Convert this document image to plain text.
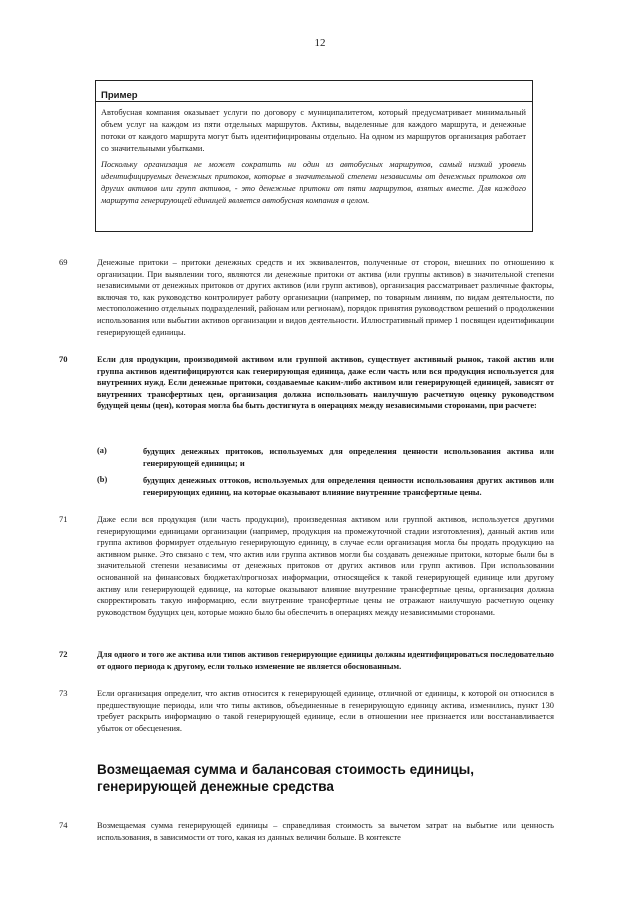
12
Пример

Автобусная компания оказывает услуги по договору с муниципалитетом, который предусматривает минимальный объем услуг на каждом из пяти отдельных маршрутов. Активы, выделенные для каждого маршрута, и денежные потоки от каждого маршрута могут быть идентифицированы отдельно. На одном из маршрутов организация работает со значительными убытками.

Поскольку организация не может сократить ни один из автобусных маршрутов, самый низкий уровень идентифицируемых денежных притоков, которые в значительной степени независимы от денежных притоков от других активов или групп активов, - это денежные притоки от пяти маршрутов, взятых вместе. Для каждого маршрута генерирующей единицей является автобусная компания в целом.

69	Денежные притоки – притоки денежных средств и их эквивалентов, полученные от сторон, внешних по отношению к организации. При выявлении того, являются ли денежные притоки от актива (или группы активов) в значительной степени независимыми от денежных притоков от других активов (или групп активов), организация рассматривает различные факторы, включая то, как руководство контролирует работу организации (например, по товарным линиям, по видам деятельности, по местоположению отдельных подразделений, районам или регионам), порядок принятия руководством решений о продолжении использования или выбытии активов организации и видов деятельности. Иллюстративный пример 1 посвящен идентификации генерирующей единицы.
70	Если для продукции, производимой активом или группой активов, существует активный рынок, такой актив или группа активов идентифицируются как генерирующая единица, даже если часть или вся продукция используется для внутренних нужд. Если денежные притоки, создаваемые каким-либо активом или генерирующей единицей, зависят от внутренних трансфертных цен, организация должна использовать наилучшую расчетную оценку руководством будущей цены (цен), которая могла бы быть достигнута в операциях между независимыми сторонами, при расчете:
(a)	будущих денежных притоков, используемых для определения ценности использования актива или генерирующей единицы; и
(b)	будущих денежных оттоков, используемых для определения ценности использования других активов или генерирующих единиц, на которые оказывают влияние внутренние трансфертные цены.
71	Даже если вся продукция (или часть продукции), произведенная активом или группой активов, используется другими генерирующими единицами организации (например, продукция на промежуточной стадии изготовления), данный актив или группа активов формирует отдельную генерирующую единицу, в случае если организация могла бы продать продукцию на активном рынке. Это связано с тем, что актив или группа активов могли бы создавать денежные притоки, которые были бы в значительной степени независимы от денежных притоков от других активов или групп активов. При использовании основанной на финансовых бюджетах/прогнозах информации, относящейся к такой генерирующей единице или другому активу или генерирующей единице, на которые оказывают влияние внутренние трансфертные цены, организация должна скорректировать такую информацию, если внутренние трансфертные цены не отражают наилучшую расчетную оценку руководством будущих цен, которые можно было бы обеспечить в операциях между независимыми сторонами.
72	Для одного и того же актива или типов активов генерирующие единицы должны идентифицироваться последовательно от одного периода к другому, если только изменение не является обоснованным.
73	Если организация определит, что актив относится к генерирующей единице, отличной от единицы, к которой он относился в предшествующие периоды, или что типы активов, объединенные в генерирующую единицу актива, изменились, пункт 130 требует раскрыть информацию о такой генерирующей единице, если в отношении нее признается или восстанавливается убыток от обесценения.
Возмещаемая сумма и балансовая стоимость единицы, генерирующей денежные средства
74	Возмещаемая сумма генерирующей единицы – справедливая стоимость за вычетом затрат на выбытие или ценность использования, в зависимости от того, какая из данных величин больше. В контексте
